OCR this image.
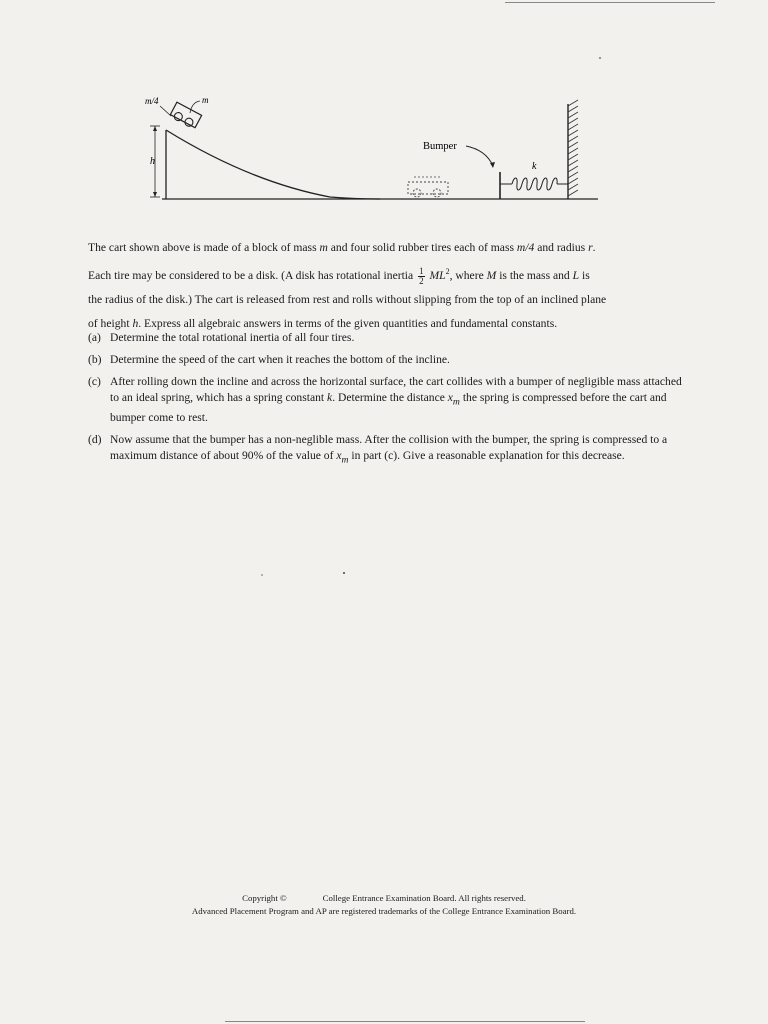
h
m/4	m
Bumper
k

The cart shown above is made of a block of mass m and four solid rubber tires each of mass m/4 and radius r.

Each tire may be considered to be a disk. (A disk has rotational inertia $\frac{1}{2} ML^2$, where M is the mass and L is

the radius of the disk.) The cart is released from rest and rolls without slipping from the top of an inclined plane

of height h. Express all algebraic answers in terms of the given quantities and fundamental constants.

(a) Determine the total rotational inertia of all four tires.
(b) Determine the speed of the cart when it reaches the bottom of the incline.
(c) After rolling down the incline and across the horizontal surface, the cart collides with a bumper of negligible mass attached to an ideal spring, which has a spring constant k. Determine the distance $x_m$ the spring is compressed before the cart and bumper come to rest.
(d) Now assume that the bumper has a non-neglible mass. After the collision with the bumper, the spring is compressed to a maximum distance of about 90% of the value of $x_m$ in part (c). Give a reasonable explanation for this decrease.
Copyright ©	College Entrance Examination Board. All rights reserved.
Advanced Placement Program and AP are registered trademarks of the College Entrance Examination Board.
